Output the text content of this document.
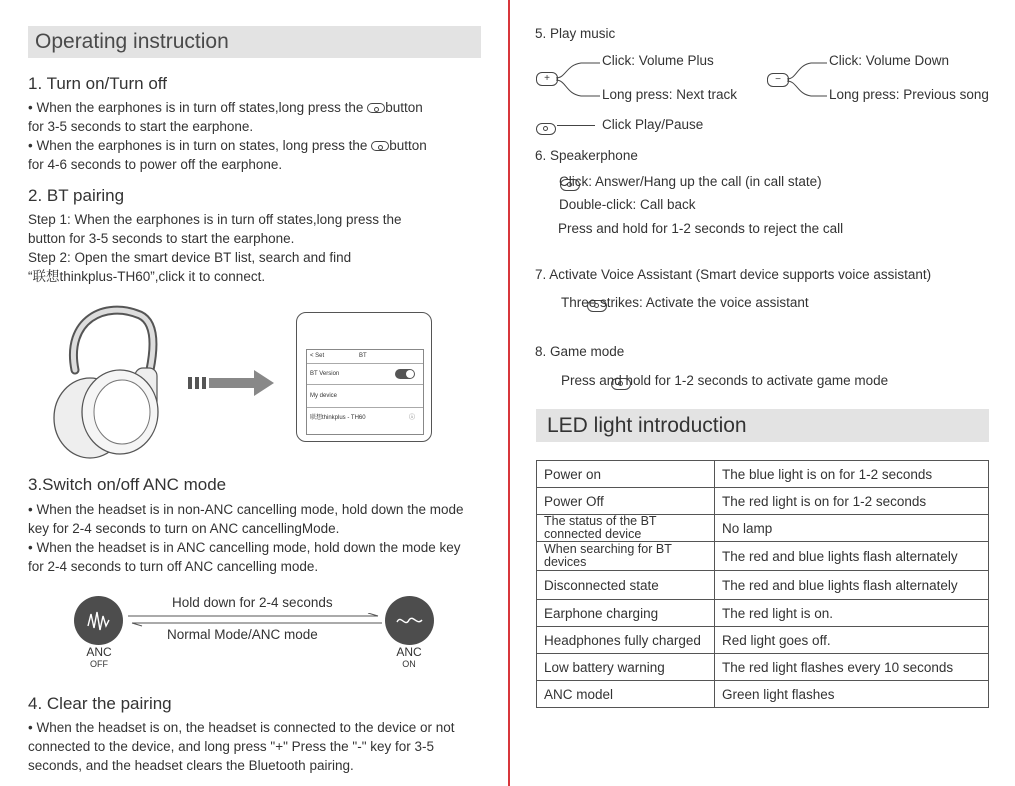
Operating instruction
1. Turn on/Turn off
• When the earphones is in turn off states,long press the button
for 3-5 seconds to start the earphone.
• When the earphones is in turn on states, long press the button
for 4-6 seconds to power off the earphone.
2. BT pairing
Step 1: When the earphones is in turn off states,long press the
button for 3-5 seconds to start the earphone.
Step 2: Open the smart device BT list, search and find
“联想thinkplus-TH60”,click it to connect.
< Set	BT
BT Version
My device
联想thinkplus - TH60	ⓘ
3.Switch on/off ANC mode
• When the headset is in non-ANC cancelling mode, hold down the mode
key for 2-4 seconds to turn on ANC cancellingMode.
• When the headset is in ANC cancelling mode, hold down the mode key
for 2-4 seconds to turn off ANC cancelling mode.
ANC
OFF
ANC
ON
Hold down for 2-4 seconds
Normal Mode/ANC mode
4. Clear the pairing
• When the headset is on, the headset is connected to the device or not
connected to the device, and long press "+" Press the "-" key for 3-5
seconds, and the headset clears the Bluetooth pairing.
5. Play music
+
Click: Volume Plus
Long press: Next track
−
Click: Volume Down
Long press: Previous song

Click Play/Pause
6. Speakerphone

Click: Answer/Hang up the call (in call state)
Double-click: Call back
Press and hold for 1-2 seconds to reject the call
7. Activate Voice Assistant (Smart device supports voice assistant)

Three strikes: Activate the voice assistant
8. Game mode
Press and hold for 1-2 seconds to activate game mode
LED light introduction
Power on	The blue light is on for 1-2 seconds
Power Off	The red light is on for 1-2 seconds
The status of the BT connected device	No lamp
When searching for BT devices	The red and blue lights flash alternately
Disconnected state	The red and blue lights flash alternately
Earphone charging	The red light is on.
Headphones fully charged	Red light goes off.
Low battery warning	The red light flashes every 10 seconds
ANC model	Green light flashes
